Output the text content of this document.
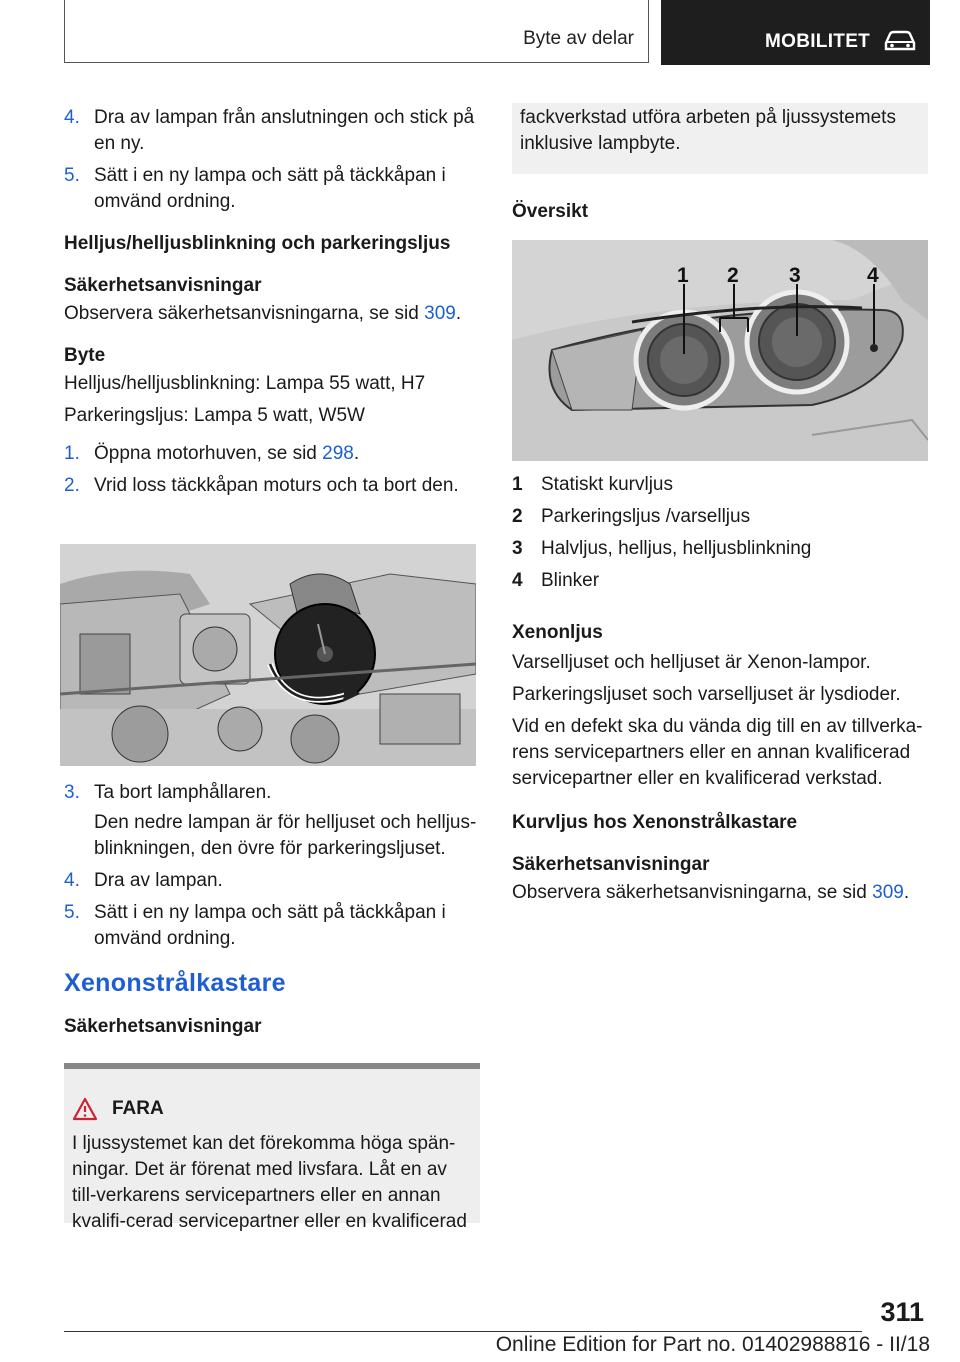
Byte av delar	MOBILITET
4. Dra av lampan från anslutningen och stick på en ny.
5. Sätt i en ny lampa och sätt på täckkåpan i omvänd ordning.
Helljus/helljusblinkning och parkeringsljus
Säkerhetsanvisningar
Observera säkerhetsanvisningarna, se sid 309.
Byte
Helljus/helljusblinkning: Lampa 55 watt, H7
Parkeringsljus: Lampa 5 watt, W5W
1. Öppna motorhuven, se sid 298.
2. Vrid loss täckkåpan moturs och ta bort den.
3. Ta bort lamphållaren.
Den nedre lampan är för helljuset och helljus-blinkningen, den övre för parkeringsljuset.
4. Dra av lampan.
5. Sätt i en ny lampa och sätt på täckkåpan i omvänd ordning.
Xenonstrålkastare
Säkerhetsanvisningar
FARA
I ljussystemet kan det förekomma höga spän-ningar. Det är förenat med livsfara. Låt en av till-verkarens servicepartners eller en annan kvalifi-cerad servicepartner eller en kvalificerad
fackverkstad utföra arbeten på ljussystemets inklusive lampbyte.
Översikt
1 2 3	4
1 Statiskt kurvljus
2 Parkeringsljus /varselljus
3 Halvljus, helljus, helljusblinkning
4 Blinker
Xenonljus
Varselljuset och helljuset är Xenon-lampor.
Parkeringsljuset soch varselljuset är lysdioder.
Vid en defekt ska du vända dig till en av tillverka-rens servicepartners eller en annan kvalificerad servicepartner eller en kvalificerad verkstad.
Kurvljus hos Xenonstrålkastare
Säkerhetsanvisningar
Observera säkerhetsanvisningarna, se sid 309.
311
Online Edition for Part no. 01402988816 - II/18
